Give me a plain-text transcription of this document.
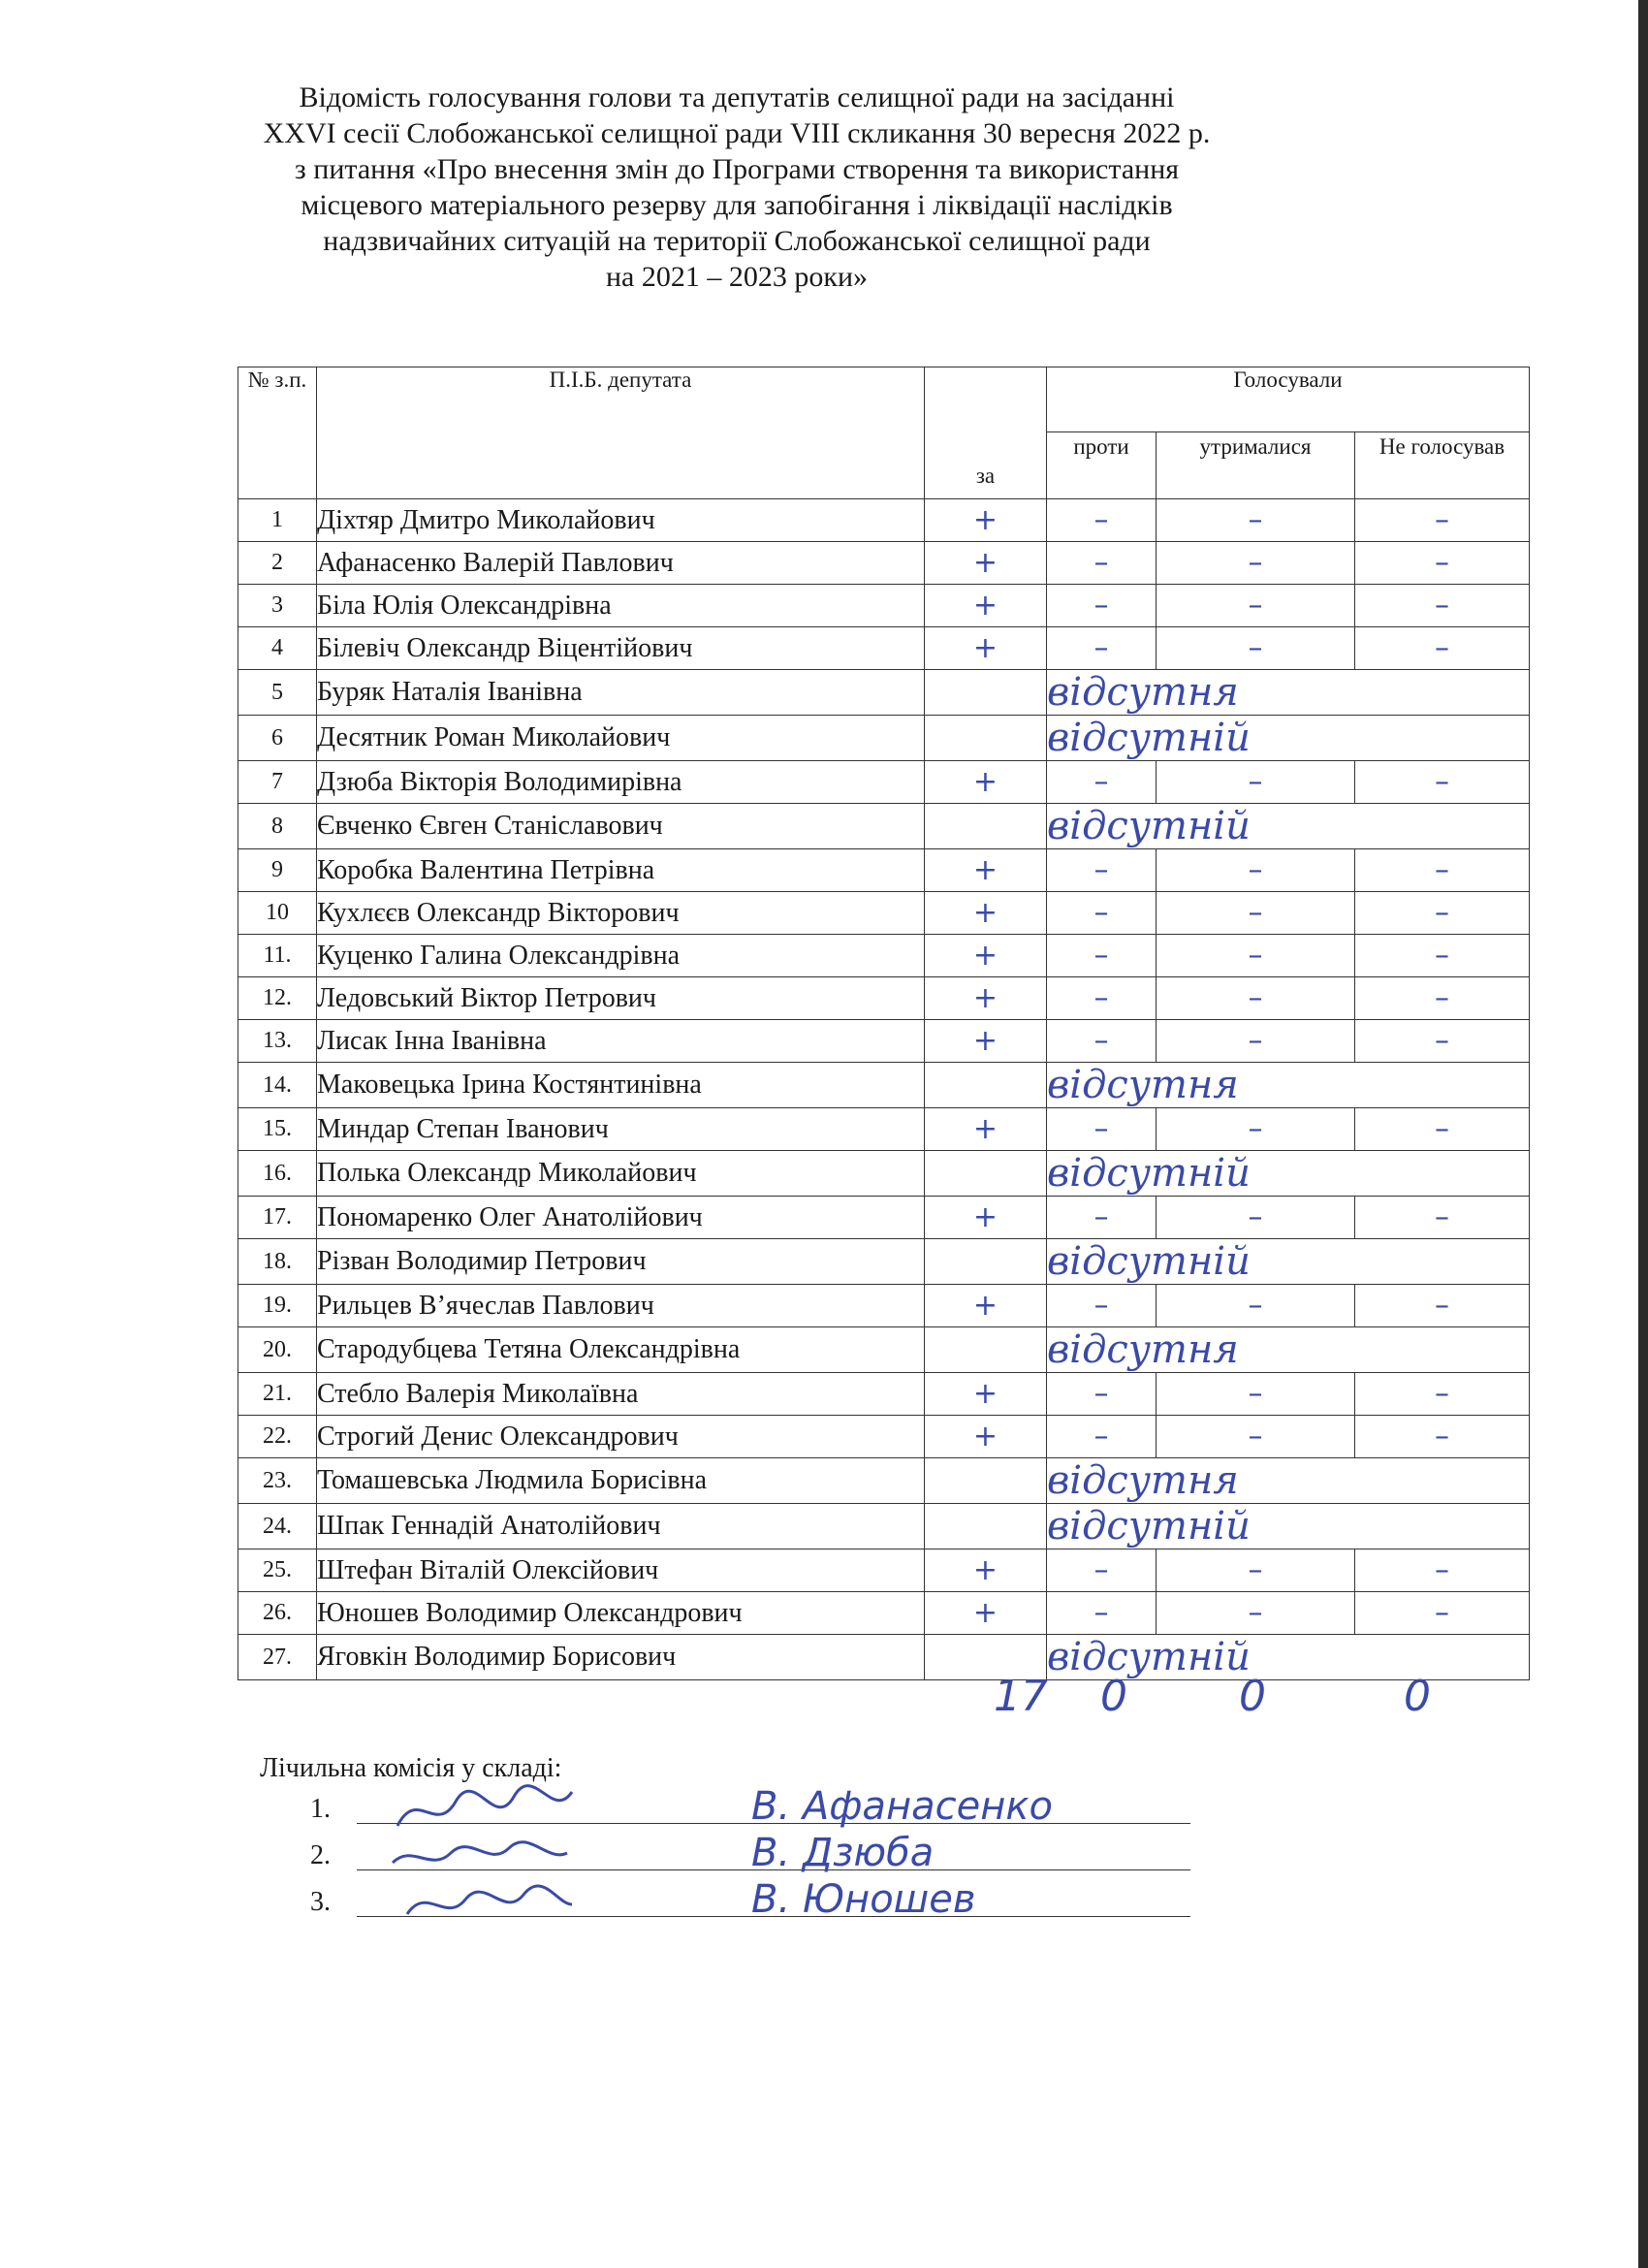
Відомість голосування голови та депутатів селищної ради на засіданні
XXVI сесії Слобожанської селищної ради VIII скликання 30 вересня 2022 р.
з питання «Про внесення змін до Програми створення та використання
місцевого матеріального резерву для запобігання і ліквідації наслідків
надзвичайних ситуацій на території Слобожанської селищної ради
на 2021 – 2023 роки»
№ з.п.	П.І.Б. депутата	за	Голосували		
			проти	утрималися	Не голосував
1	Діхтяр Дмитро Миколайович	+	–	–	–
2	Афанасенко Валерій Павлович	+	–	–	–
3	Біла Юлія Олександрівна	+	–	–	–
4	Білевіч Олександр Віцентійович	+	–	–	–
5	Буряк Наталія Іванівна		відсутня		
6	Десятник Роман Миколайович		відсутній		
7	Дзюба Вікторія Володимирівна	+	–	–	–
8	Євченко Євген Станіславович		відсутній		
9	Коробка Валентина Петрівна	+	–	–	–
10	Кухлєєв Олександр Вікторович	+	–	–	–
11.	Куценко Галина Олександрівна	+	–	–	–
12.	Ледовський Віктор Петрович	+	–	–	–
13.	Лисак Інна Іванівна	+	–	–	–
14.	Маковецька Ірина Костянтинівна		відсутня		
15.	Миндар Степан Іванович	+	–	–	–
16.	Полька Олександр Миколайович		відсутній		
17.	Пономаренко Олег Анатолійович	+	–	–	–
18.	Різван Володимир Петрович		відсутній		
19.	Рильцев В’ячеслав Павлович	+	–	–	–
20.	Стародубцева Тетяна Олександрівна		відсутня		
21.	Стебло Валерія Миколаївна	+	–	–	–
22.	Строгий Денис Олександрович	+	–	–	–
23.	Томашевська Людмила Борисівна		відсутня		
24.	Шпак Геннадій Анатолійович		відсутній		
25.	Штефан Віталій Олексійович	+	–	–	–
26.	Юношев Володимир Олександрович	+	–	–	–
27.	Яговкін Володимир Борисович		відсутній		
17 0	0	0
Лічильна комісія у складі:
1.	В. Афанасенко
2.	В. Дзюба
3.	В. Юношев
